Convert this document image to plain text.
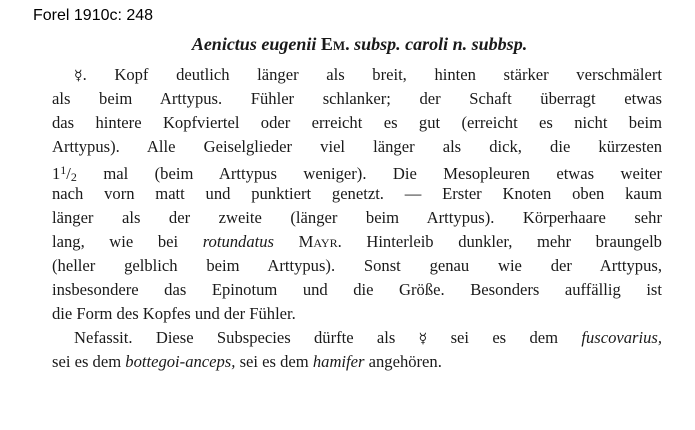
Forel 1910c: 248
Aenictus eugenii Em. subsp. caroli n. subbsp.
☿. Kopf deutlich länger als breit, hinten stärker verschmälert
als beim Arttypus. Fühler schlanker; der Schaft überragt etwas
das hintere Kopfviertel oder erreicht es gut (erreicht es nicht beim
Arttypus). Alle Geiselglieder viel länger als dick, die kürzesten
$1^1/2$ mal (beim Arttypus weniger). Die Mesopleuren etwas weiter
nach vorn matt und punktiert genetzt. — Erster Knoten oben kaum
länger als der zweite (länger beim Arttypus). Körperhaare sehr
lang, wie bei rotundatus Mayr. Hinterleib dunkler, mehr braungelb
(heller gelblich beim Arttypus). Sonst genau wie der Arttypus,
insbesondere das Epinotum und die Größe. Besonders auffällig ist
die Form des Kopfes und der Fühler.
Nefassit. Diese Subspecies dürfte als ☿ sei es dem fuscovarius,
sei es dem bottegoi-anceps, sei es dem hamifer angehören.
